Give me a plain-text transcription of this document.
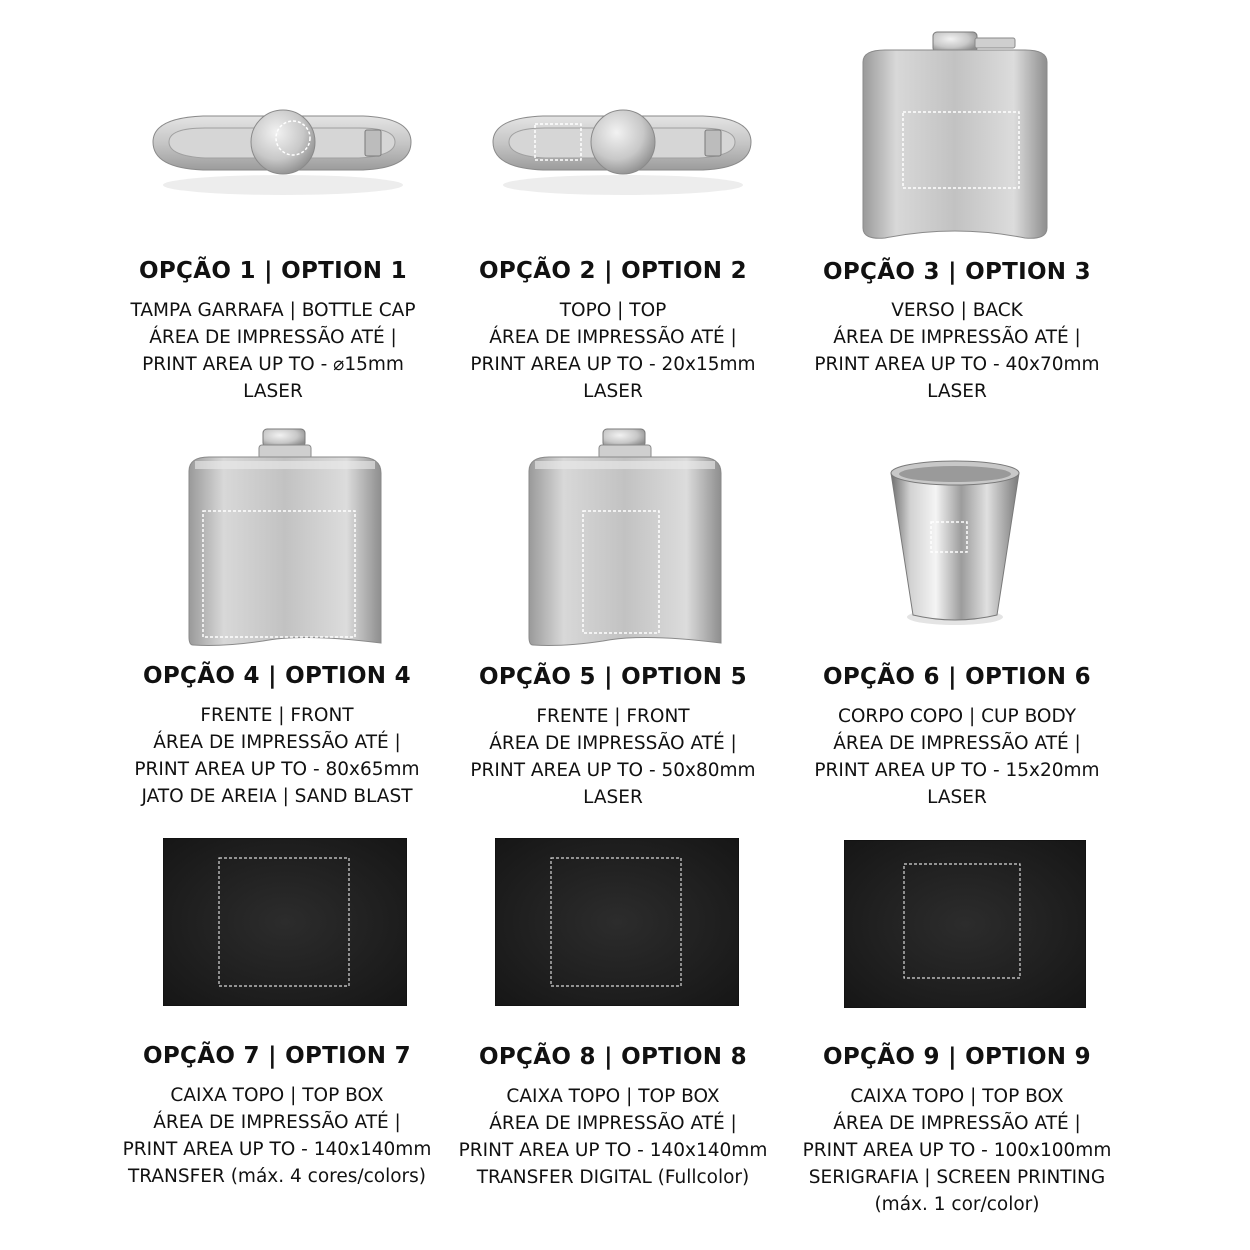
OPÇÃO 1 | OPTION 1
TAMPA GARRAFA | BOTTLE CAP
ÁREA DE IMPRESSÃO ATÉ |
PRINT AREA UP TO - ⌀15mm
LASER
OPÇÃO 2 | OPTION 2
TOPO | TOP
ÁREA DE IMPRESSÃO ATÉ |
PRINT AREA UP TO - 20x15mm
LASER
OPÇÃO 3 | OPTION 3
VERSO | BACK
ÁREA DE IMPRESSÃO ATÉ |
PRINT AREA UP TO - 40x70mm
LASER
OPÇÃO 4 | OPTION 4
FRENTE | FRONT
ÁREA DE IMPRESSÃO ATÉ |
PRINT AREA UP TO - 80x65mm
JATO DE AREIA | SAND BLAST
OPÇÃO 5 | OPTION 5
FRENTE | FRONT
ÁREA DE IMPRESSÃO ATÉ |
PRINT AREA UP TO - 50x80mm
LASER
OPÇÃO 6 | OPTION 6
CORPO COPO | CUP BODY
ÁREA DE IMPRESSÃO ATÉ |
PRINT AREA UP TO - 15x20mm
LASER
OPÇÃO 7 | OPTION 7
CAIXA TOPO | TOP BOX
ÁREA DE IMPRESSÃO ATÉ |
PRINT AREA UP TO - 140x140mm
TRANSFER (máx. 4 cores/colors)
OPÇÃO 8 | OPTION 8
CAIXA TOPO | TOP BOX
ÁREA DE IMPRESSÃO ATÉ |
PRINT AREA UP TO - 140x140mm
TRANSFER DIGITAL (Fullcolor)
OPÇÃO 9 | OPTION 9
CAIXA TOPO | TOP BOX
ÁREA DE IMPRESSÃO ATÉ |
PRINT AREA UP TO - 100x100mm
SERIGRAFIA | SCREEN PRINTING
(máx. 1 cor/color)
